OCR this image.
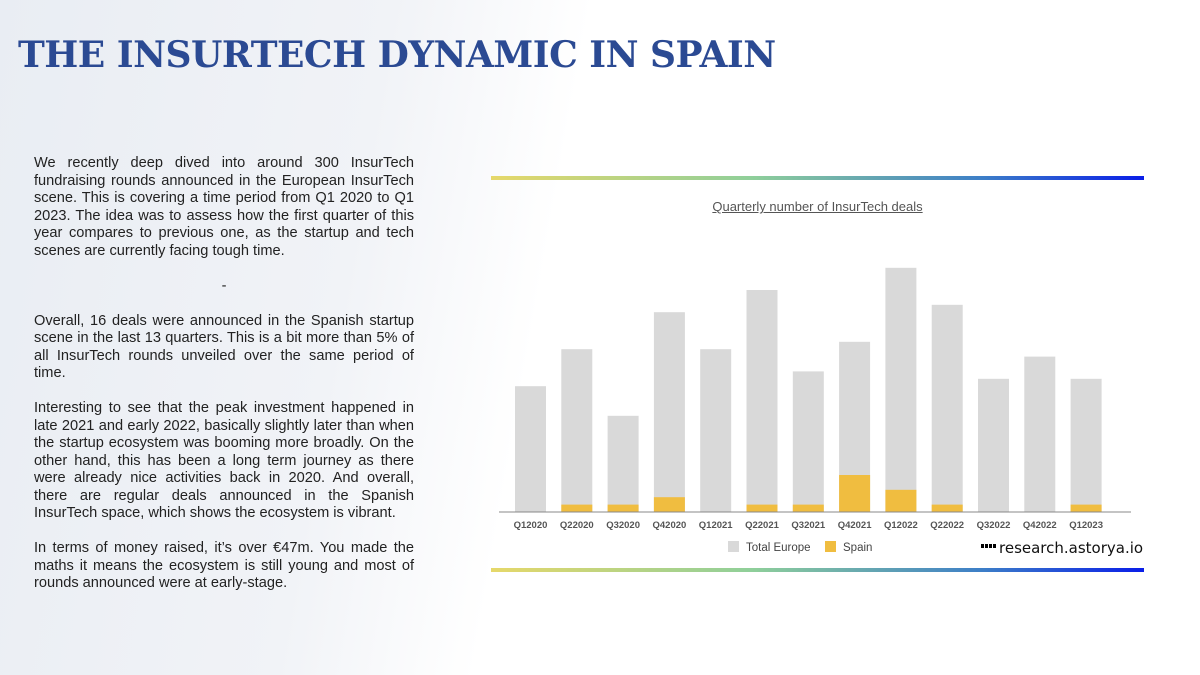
THE INSURTECH DYNAMIC IN SPAIN

We recently deep dived into around 300 InsurTech fundraising rounds announced in the European InsurTech scene. This is covering a time period from Q1 2020 to Q1 2023. The idea was to assess how the first quarter of this year compares to previous one, as the startup and tech scenes are currently facing tough time.

-

Overall, 16 deals were announced in the Spanish startup scene in the last 13 quarters. This is a bit more than 5% of all InsurTech rounds unveiled over the same period of time.

Interesting to see that the peak investment happened in late 2021 and early 2022, basically slightly later than when the startup ecosystem was booming more broadly. On the other hand, this has been a long term journey as there were already nice activities back in 2020. And overall, there are regular deals announced in the Spanish InsurTech space, which shows the ecosystem is vibrant.

In terms of money raised, it’s over €47m. You made the maths it means the ecosystem is still young and most of rounds announced were at early-stage.

Quarterly number of InsurTech deals
Q12020 Q22020 Q32020 Q42020 Q12021 Q22021 Q32021 Q42021 Q12022 Q22022 Q32022 Q42022 Q12023
Total Europe	Spain	research.astorya.io
